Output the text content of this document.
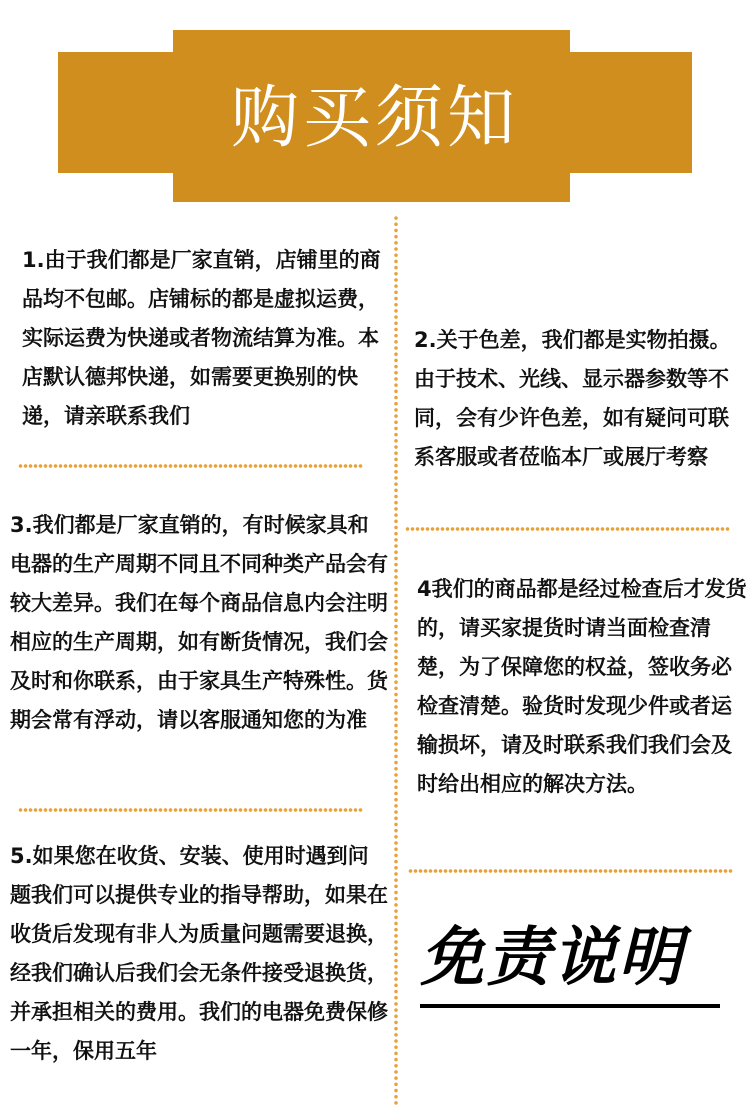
购买须知

1.由于我们都是厂家直销，店铺里的商品均不包邮。店铺标的都是虚拟运费，实际运费为快递或者物流结算为准。本店默认德邦快递，如需要更换别的快递，请亲联系我们

2.关于色差，我们都是实物拍摄。由于技术、光线、显示器参数等不同，会有少许色差，如有疑问可联系客服或者莅临本厂或展厅考察

3.我们都是厂家直销的，有时候家具和电器的生产周期不同且不同种类产品会有较大差异。我们在每个商品信息内会注明相应的生产周期，如有断货情况，我们会及时和你联系，由于家具生产特殊性。货期会常有浮动，请以客服通知您的为准

4我们的商品都是经过检查后才发货的，请买家提货时请当面检查清楚，为了保障您的权益，签收务必检查清楚。验货时发现少件或者运输损坏，请及时联系我们我们会及时给出相应的解决方法。

5.如果您在收货、安装、使用时遇到问题我们可以提供专业的指导帮助，如果在收货后发现有非人为质量问题需要退换，经我们确认后我们会无条件接受退换货，并承担相关的费用。我们的电器免费保修一年，保用五年

免责说明
